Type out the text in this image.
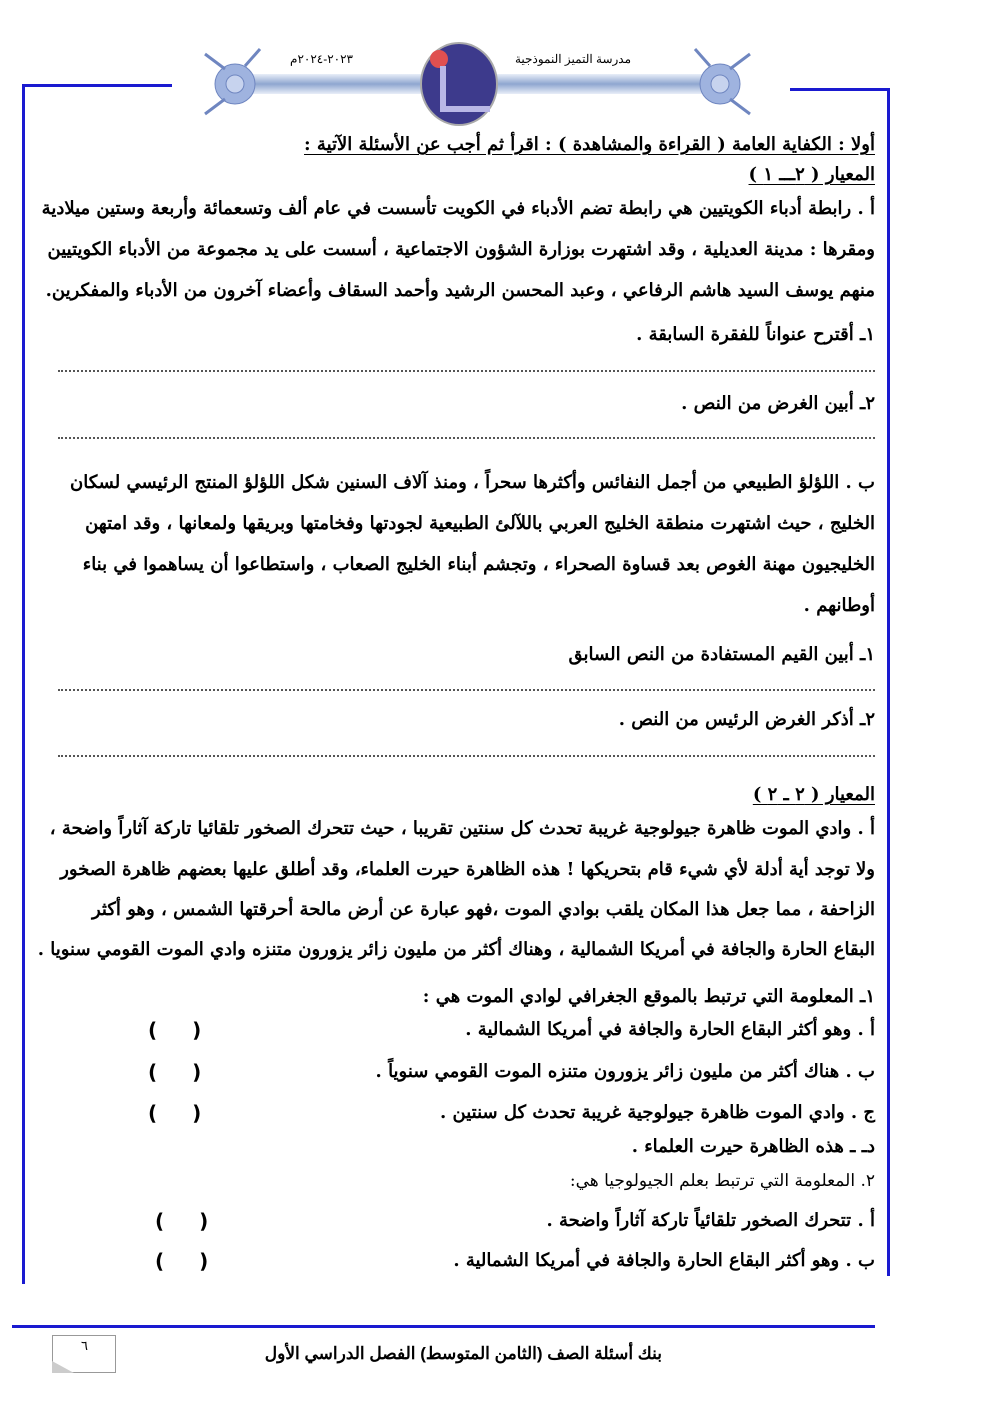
مدرسة التميز النموذجية
٢٠٢٣-٢٠٢٤م
أولا : الكفاية العامة ( القراءة والمشاهدة ) : اقرأ ثم أجب عن الأسئلة الآتية :
المعيار ( ٢ـــ ١ )
أ . رابطة أدباء الكويتيين هي رابطة تضم الأدباء في الكويت تأسست في عام ألف وتسعمائة وأربعة وستين ميلادية
ومقرها : مدينة العديلية ، وقد اشتهرت بوزارة الشؤون الاجتماعية ، أسست على يد مجموعة من الأدباء الكويتيين
منهم يوسف السيد هاشم الرفاعي ، وعبد المحسن الرشيد وأحمد السقاف وأعضاء آخرون من الأدباء والمفكرين.
١ـ أقترح عنواناً للفقرة السابقة .
٢ـ أبين الغرض من النص .
ب . اللؤلؤ الطبيعي من أجمل النفائس وأكثرها سحراً ، ومنذ آلاف السنين شكل اللؤلؤ المنتج الرئيسي لسكان
الخليج ، حيث اشتهرت منطقة الخليج العربي باللآلئ الطبيعية لجودتها وفخامتها وبريقها ولمعانها ، وقد امتهن
الخليجيون مهنة الغوص بعد قساوة الصحراء ، وتجشم أبناء الخليج الصعاب ، واستطاعوا أن يساهموا في بناء
أوطانهم .
١ـ أبين القيم المستفادة من النص السابق
٢ـ أذكر الغرض الرئيس من النص .
المعيار ( ٢ ـ ٢ )
أ . وادي الموت ظاهرة جيولوجية غريبة تحدث كل سنتين تقريبا ، حيث تتحرك الصخور تلقائيا تاركة آثاراً واضحة ،
ولا توجد أية أدلة لأي شيء قام بتحريكها ! هذه الظاهرة حيرت العلماء، وقد أطلق عليها بعضهم ظاهرة الصخور
الزاحفة ، مما جعل هذا المكان يلقب بوادي الموت ،فهو عبارة عن أرض مالحة أحرقتها الشمس ، وهو أكثر
البقاع الحارة والجافة في أمريكا الشمالية ، وهناك أكثر من مليون زائر يزورون متنزه وادي الموت القومي سنويا .
١ـ المعلومة التي ترتبط بالموقع الجغرافي لوادي الموت هي :
أ . وهو أكثر البقاع الحارة والجافة في أمريكا الشمالية .
( )
ب . هناك أكثر من مليون زائر يزورون متنزه الموت القومي سنوياً .
( )
ج . وادي الموت ظاهرة جيولوجية غريبة تحدث كل سنتين .
( )
دـ ـ هذه الظاهرة حيرت العلماء .
٢. المعلومة التي ترتبط بعلم الجيولوجيا هي:
أ . تتحرك الصخور تلقائياً تاركة آثاراً واضحة .
( )
ب . وهو أكثر البقاع الحارة والجافة في أمريكا الشمالية .
( )
بنك أسئلة الصف (الثامن المتوسط) الفصل الدراسي الأول
٦
